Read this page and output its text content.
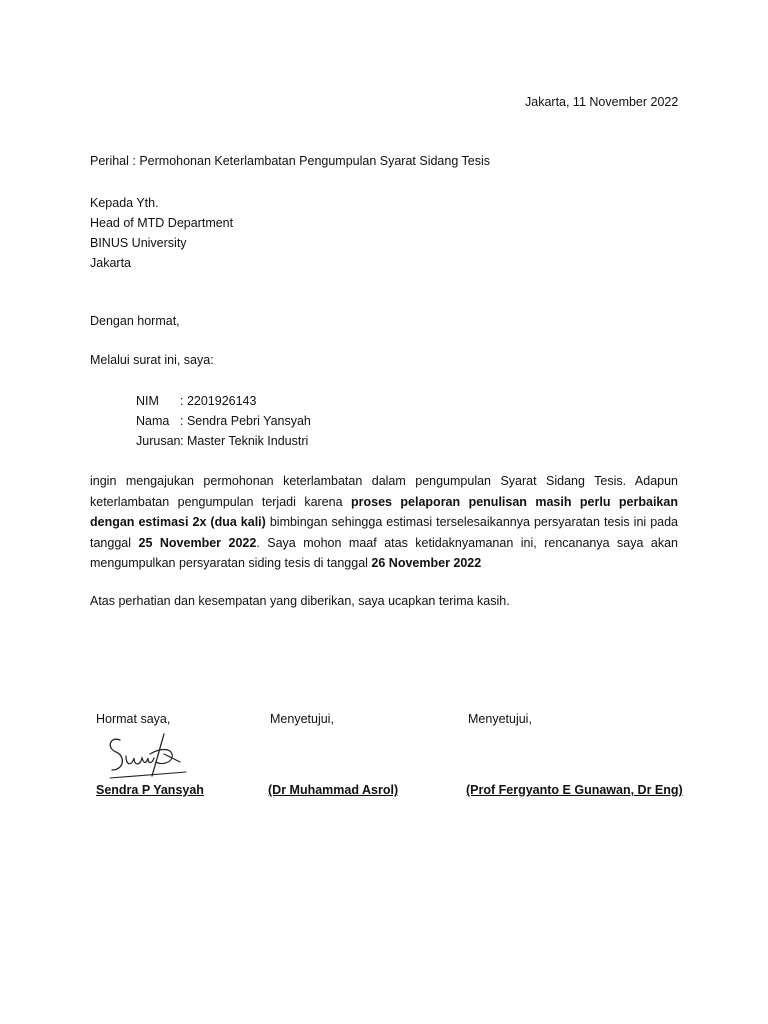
Jakarta, 11 November 2022
Perihal : Permohonan Keterlambatan Pengumpulan Syarat Sidang Tesis
Kepada Yth.
Head of MTD Department
BINUS University
Jakarta
Dengan hormat,
Melalui surat ini, saya:
NIM : 2201926143
Nama : Sendra Pebri Yansyah
Jurusan: Master Teknik Industri
ingin mengajukan permohonan keterlambatan dalam pengumpulan Syarat Sidang Tesis. Adapun keterlambatan pengumpulan terjadi karena proses pelaporan penulisan masih perlu perbaikan dengan estimasi 2x (dua kali) bimbingan sehingga estimasi terselesaikannya persyaratan tesis ini pada tanggal 25 November 2022. Saya mohon maaf atas ketidaknyamanan ini, rencananya saya akan mengumpulkan persyaratan siding tesis di tanggal 26 November 2022
Atas perhatian dan kesempatan yang diberikan, saya ucapkan terima kasih.
Hormat saya,	Menyetujui,	Menyetujui,
Sendra P Yansyah	(Dr Muhammad Asrol)	(Prof Fergyanto E Gunawan, Dr Eng)
